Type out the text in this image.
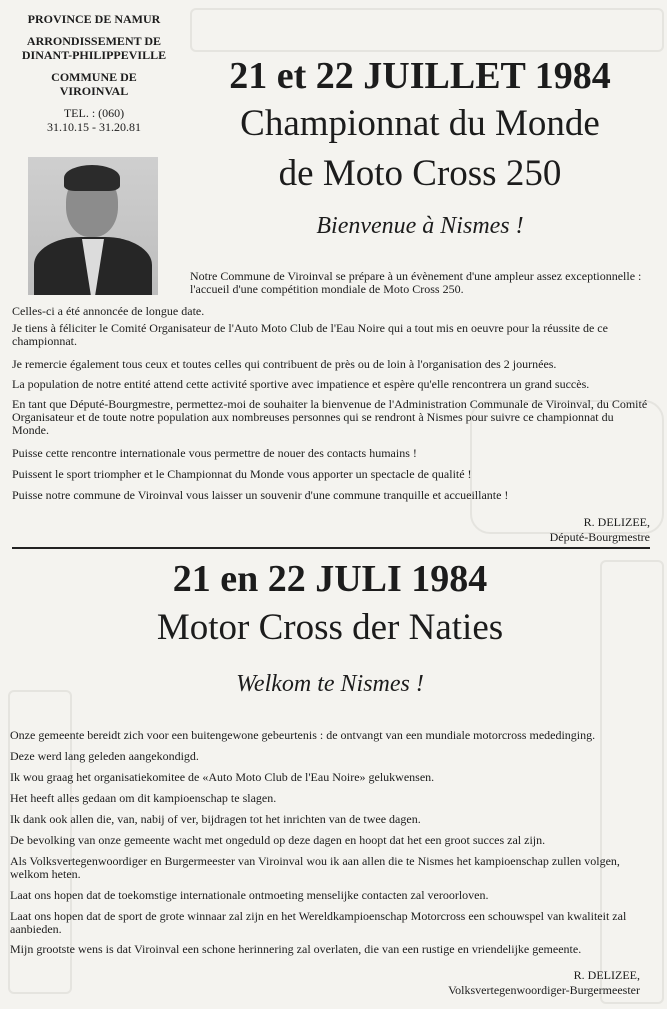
PROVINCE DE NAMUR
ARRONDISSEMENT DE
DINANT-PHILIPPEVILLE
COMMUNE DE
VIROINVAL
TEL. : (060)
31.10.15 - 31.20.81
21 et 22 JUILLET 1984
Championnat du Monde
de Moto Cross 250
Bienvenue à Nismes !

Notre Commune de Viroinval se prépare à un évènement d'une ampleur assez exceptionnelle : l'accueil d'une compétition mondiale de Moto Cross 250.

Celles-ci a été annoncée de longue date.

Je tiens à féliciter le Comité Organisateur de l'Auto Moto Club de l'Eau Noire qui a tout mis en oeuvre pour la réussite de ce championnat.

Je remercie également tous ceux et toutes celles qui contribuent de près ou de loin à l'organisation des 2 journées.

La population de notre entité attend cette activité sportive avec impatience et espère qu'elle rencontrera un grand succès.

En tant que Député-Bourgmestre, permettez-moi de souhaiter la bienvenue de l'Administration Communale de Viroinval, du Comité Organisateur et de toute notre population aux nombreuses personnes qui se rendront à Nismes pour suivre ce championnat du Monde.

Puisse cette rencontre internationale vous permettre de nouer des contacts humains !

Puissent le sport triompher et le Championnat du Monde vous apporter un spectacle de qualité !

Puisse notre commune de Viroinval vous laisser un souvenir d'une commune tranquille et accueillante !

R. DELIZEE,
Député-Bourgmestre
21 en 22 JULI 1984
Motor Cross der Naties
Welkom te Nismes !

Onze gemeente bereidt zich voor een buitengewone gebeurtenis : de ontvangt van een mundiale motorcross mededinging.

Deze werd lang geleden aangekondigd.

Ik wou graag het organisatiekomitee de «Auto Moto Club de l'Eau Noire» gelukwensen.

Het heeft alles gedaan om dit kampioenschap te slagen.

Ik dank ook allen die, van, nabij of ver, bijdragen tot het inrichten van de twee dagen.

De bevolking van onze gemeente wacht met ongeduld op deze dagen en hoopt dat het een groot succes zal zijn.

Als Volksvertegenwoordiger en Burgermeester van Viroinval wou ik aan allen die te Nismes het kampioenschap zullen volgen, welkom heten.

Laat ons hopen dat de toekomstige internationale ontmoeting menselijke contacten zal veroorloven.

Laat ons hopen dat de sport de grote winnaar zal zijn en het Wereldkampioenschap Motorcross een schouwspel van kwaliteit zal aanbieden.

Mijn grootste wens is dat Viroinval een schone herinnering zal overlaten, die van een rustige en vriendelijke gemeente.

R. DELIZEE,
Volksvertegenwoordiger-Burgermeester
